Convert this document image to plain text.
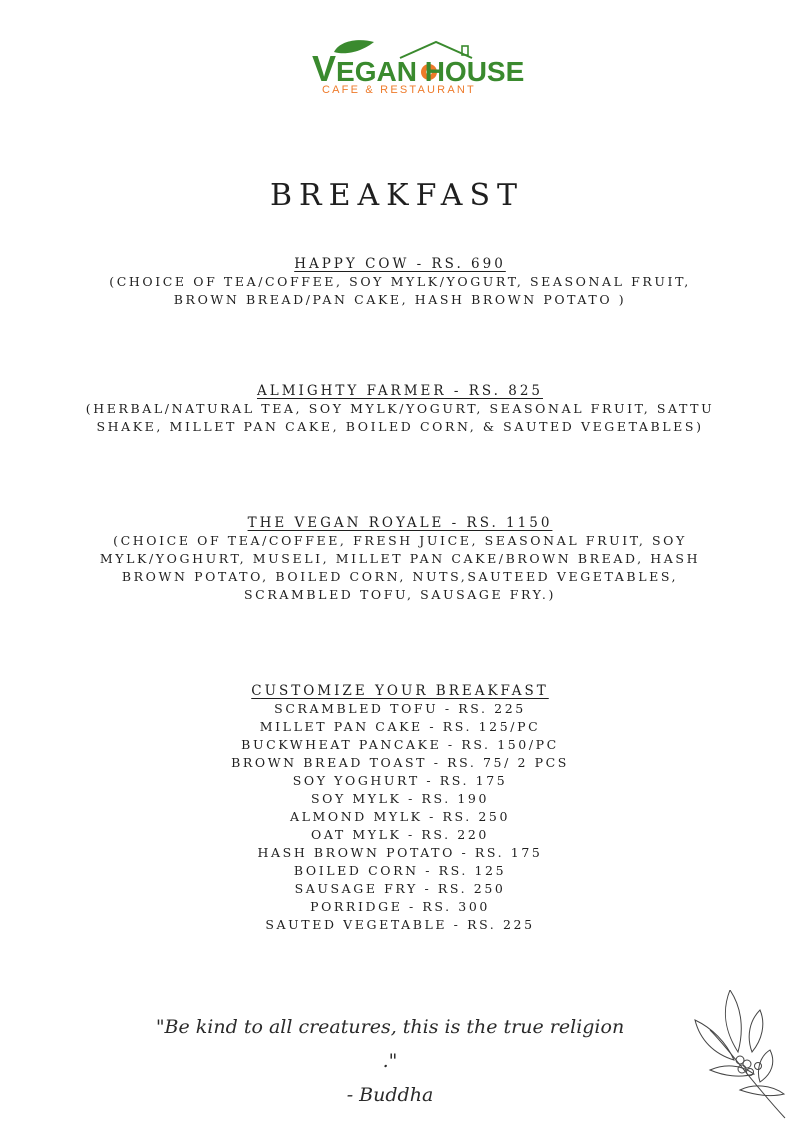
VEGAN HOUSE
CAFE & RESTAURANT
BREAKFAST
HAPPY COW - RS. 690
(CHOICE OF TEA/COFFEE, SOY MYLK/YOGURT, SEASONAL FRUIT, BROWN BREAD/PAN CAKE, HASH BROWN POTATO )
ALMIGHTY FARMER - RS. 825
(HERBAL/NATURAL TEA, SOY MYLK/YOGURT, SEASONAL FRUIT, SATTU SHAKE, MILLET PAN CAKE, BOILED CORN, & SAUTED VEGETABLES)
THE VEGAN ROYALE - RS. 1150
(CHOICE OF TEA/COFFEE, FRESH JUICE, SEASONAL FRUIT, SOY MYLK/YOGHURT, MUSELI, MILLET PAN CAKE/BROWN BREAD, HASH BROWN POTATO, BOILED CORN, NUTS,SAUTEED VEGETABLES, SCRAMBLED TOFU, SAUSAGE FRY.)
CUSTOMIZE YOUR BREAKFAST
SCRAMBLED TOFU - RS. 225
MILLET PAN CAKE - RS. 125/PC
BUCKWHEAT PANCAKE - RS. 150/PC
BROWN BREAD TOAST - RS. 75/ 2 PCS
SOY YOGHURT - RS. 175
SOY MYLK - RS. 190
ALMOND MYLK - RS. 250
OAT MYLK - RS. 220
HASH BROWN POTATO - RS. 175
BOILED CORN - RS. 125
SAUSAGE FRY - RS. 250
PORRIDGE - RS. 300
SAUTED VEGETABLE - RS. 225
"Be kind to all creatures, this is the true religion ."
- Buddha
